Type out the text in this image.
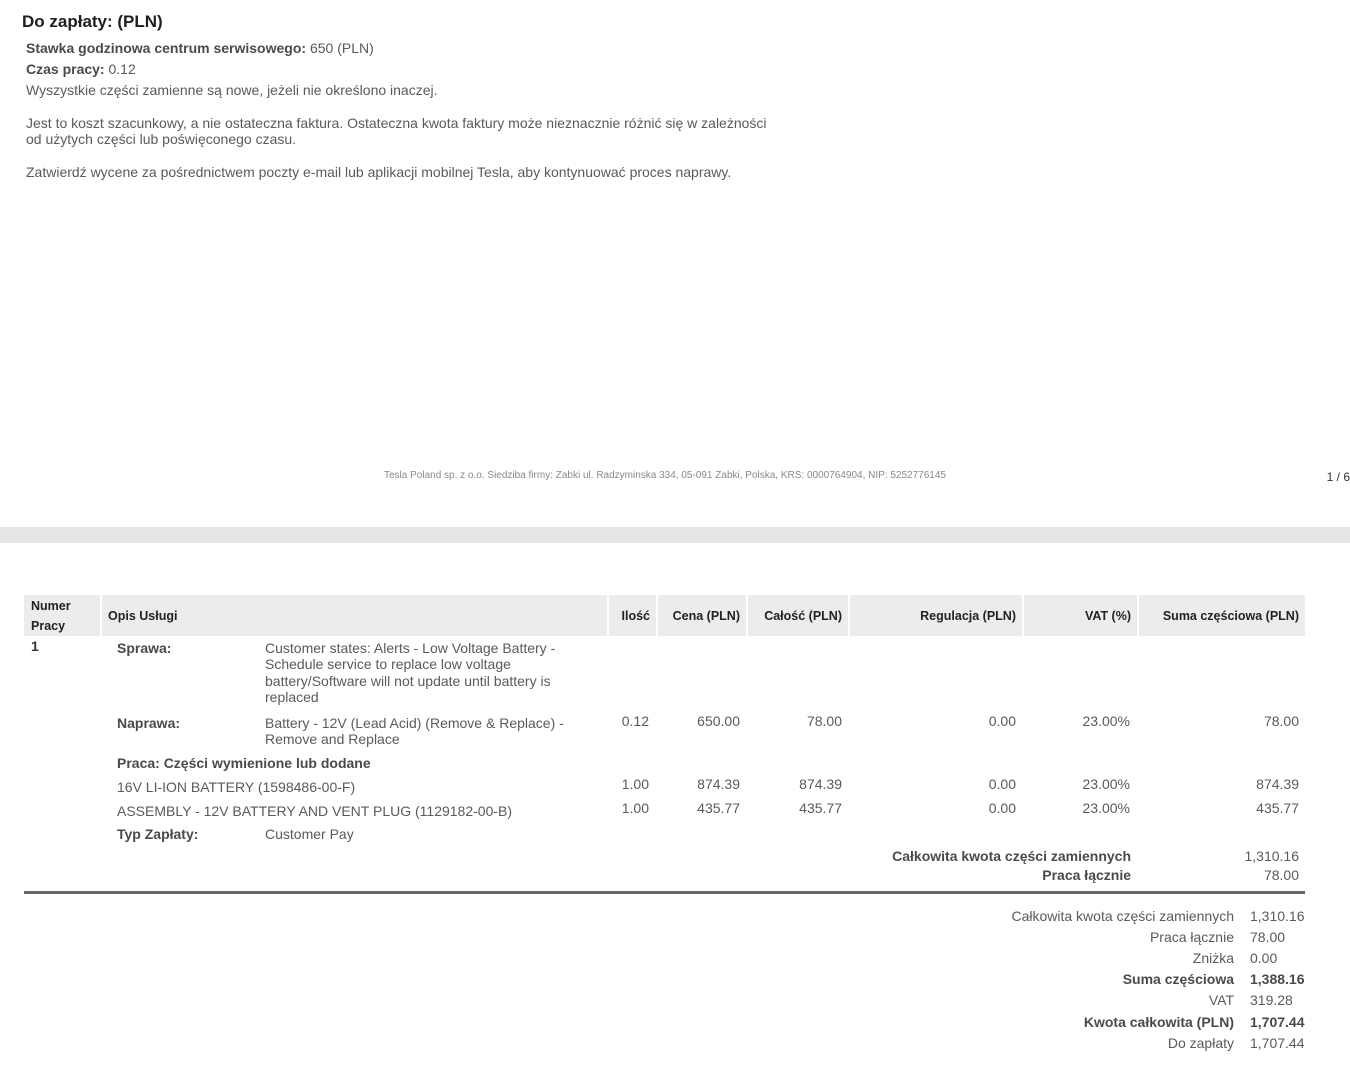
Do zapłaty: (PLN)
Stawka godzinowa centrum serwisowego: 650 (PLN)
Czas pracy: 0.12
Wyszystkie części zamienne są nowe, jeżeli nie określono inaczej.
Jest to koszt szacunkowy, a nie ostateczna faktura. Ostateczna kwota faktury może nieznacznie różnić się w zależności
od użytych części lub poświęconego czasu.
Zatwierdź wycene za pośrednictwem poczty e-mail lub aplikacji mobilnej Tesla, aby kontynuować proces naprawy.
Tesla Poland sp. z o.o. Siedziba firmy: Zabki ul. Radzyminska 334, 05-091 Zabki, Polska, KRS: 0000764904, NIP: 5252776145	1 / 6
Numer
Pracy
Opis Usługi	Ilość	Cena (PLN)	Całość (PLN)	Regulacja (PLN)	VAT (%)	Suma częściowa (PLN)
1	Sprawa:	Customer states: Alerts - Low Voltage Battery -
Schedule service to replace low voltage
battery/Software will not update until battery is
replaced
Naprawa:	Battery - 12V (Lead Acid) (Remove & Replace) -
Remove and Replace
0.12	650.00	78.00	0.00	23.00%	78.00
Praca: Części wymienione lub dodane
16V LI-ION BATTERY (1598486-00-F)	1.00	874.39	874.39	0.00	23.00%	874.39
ASSEMBLY - 12V BATTERY AND VENT PLUG (1129182-00-B)	1.00	435.77	435.77	0.00	23.00%	435.77
Typ Zapłaty:	Customer Pay
Całkowita kwota części zamiennych	1,310.16
Praca łącznie	78.00
Całkowita kwota części zamiennych 1,310.16
Praca łącznie 78.00
Zniżka 0.00
Suma częściowa 1,388.16
VAT 319.28
Kwota całkowita (PLN) 1,707.44
Do zapłaty 1,707.44
